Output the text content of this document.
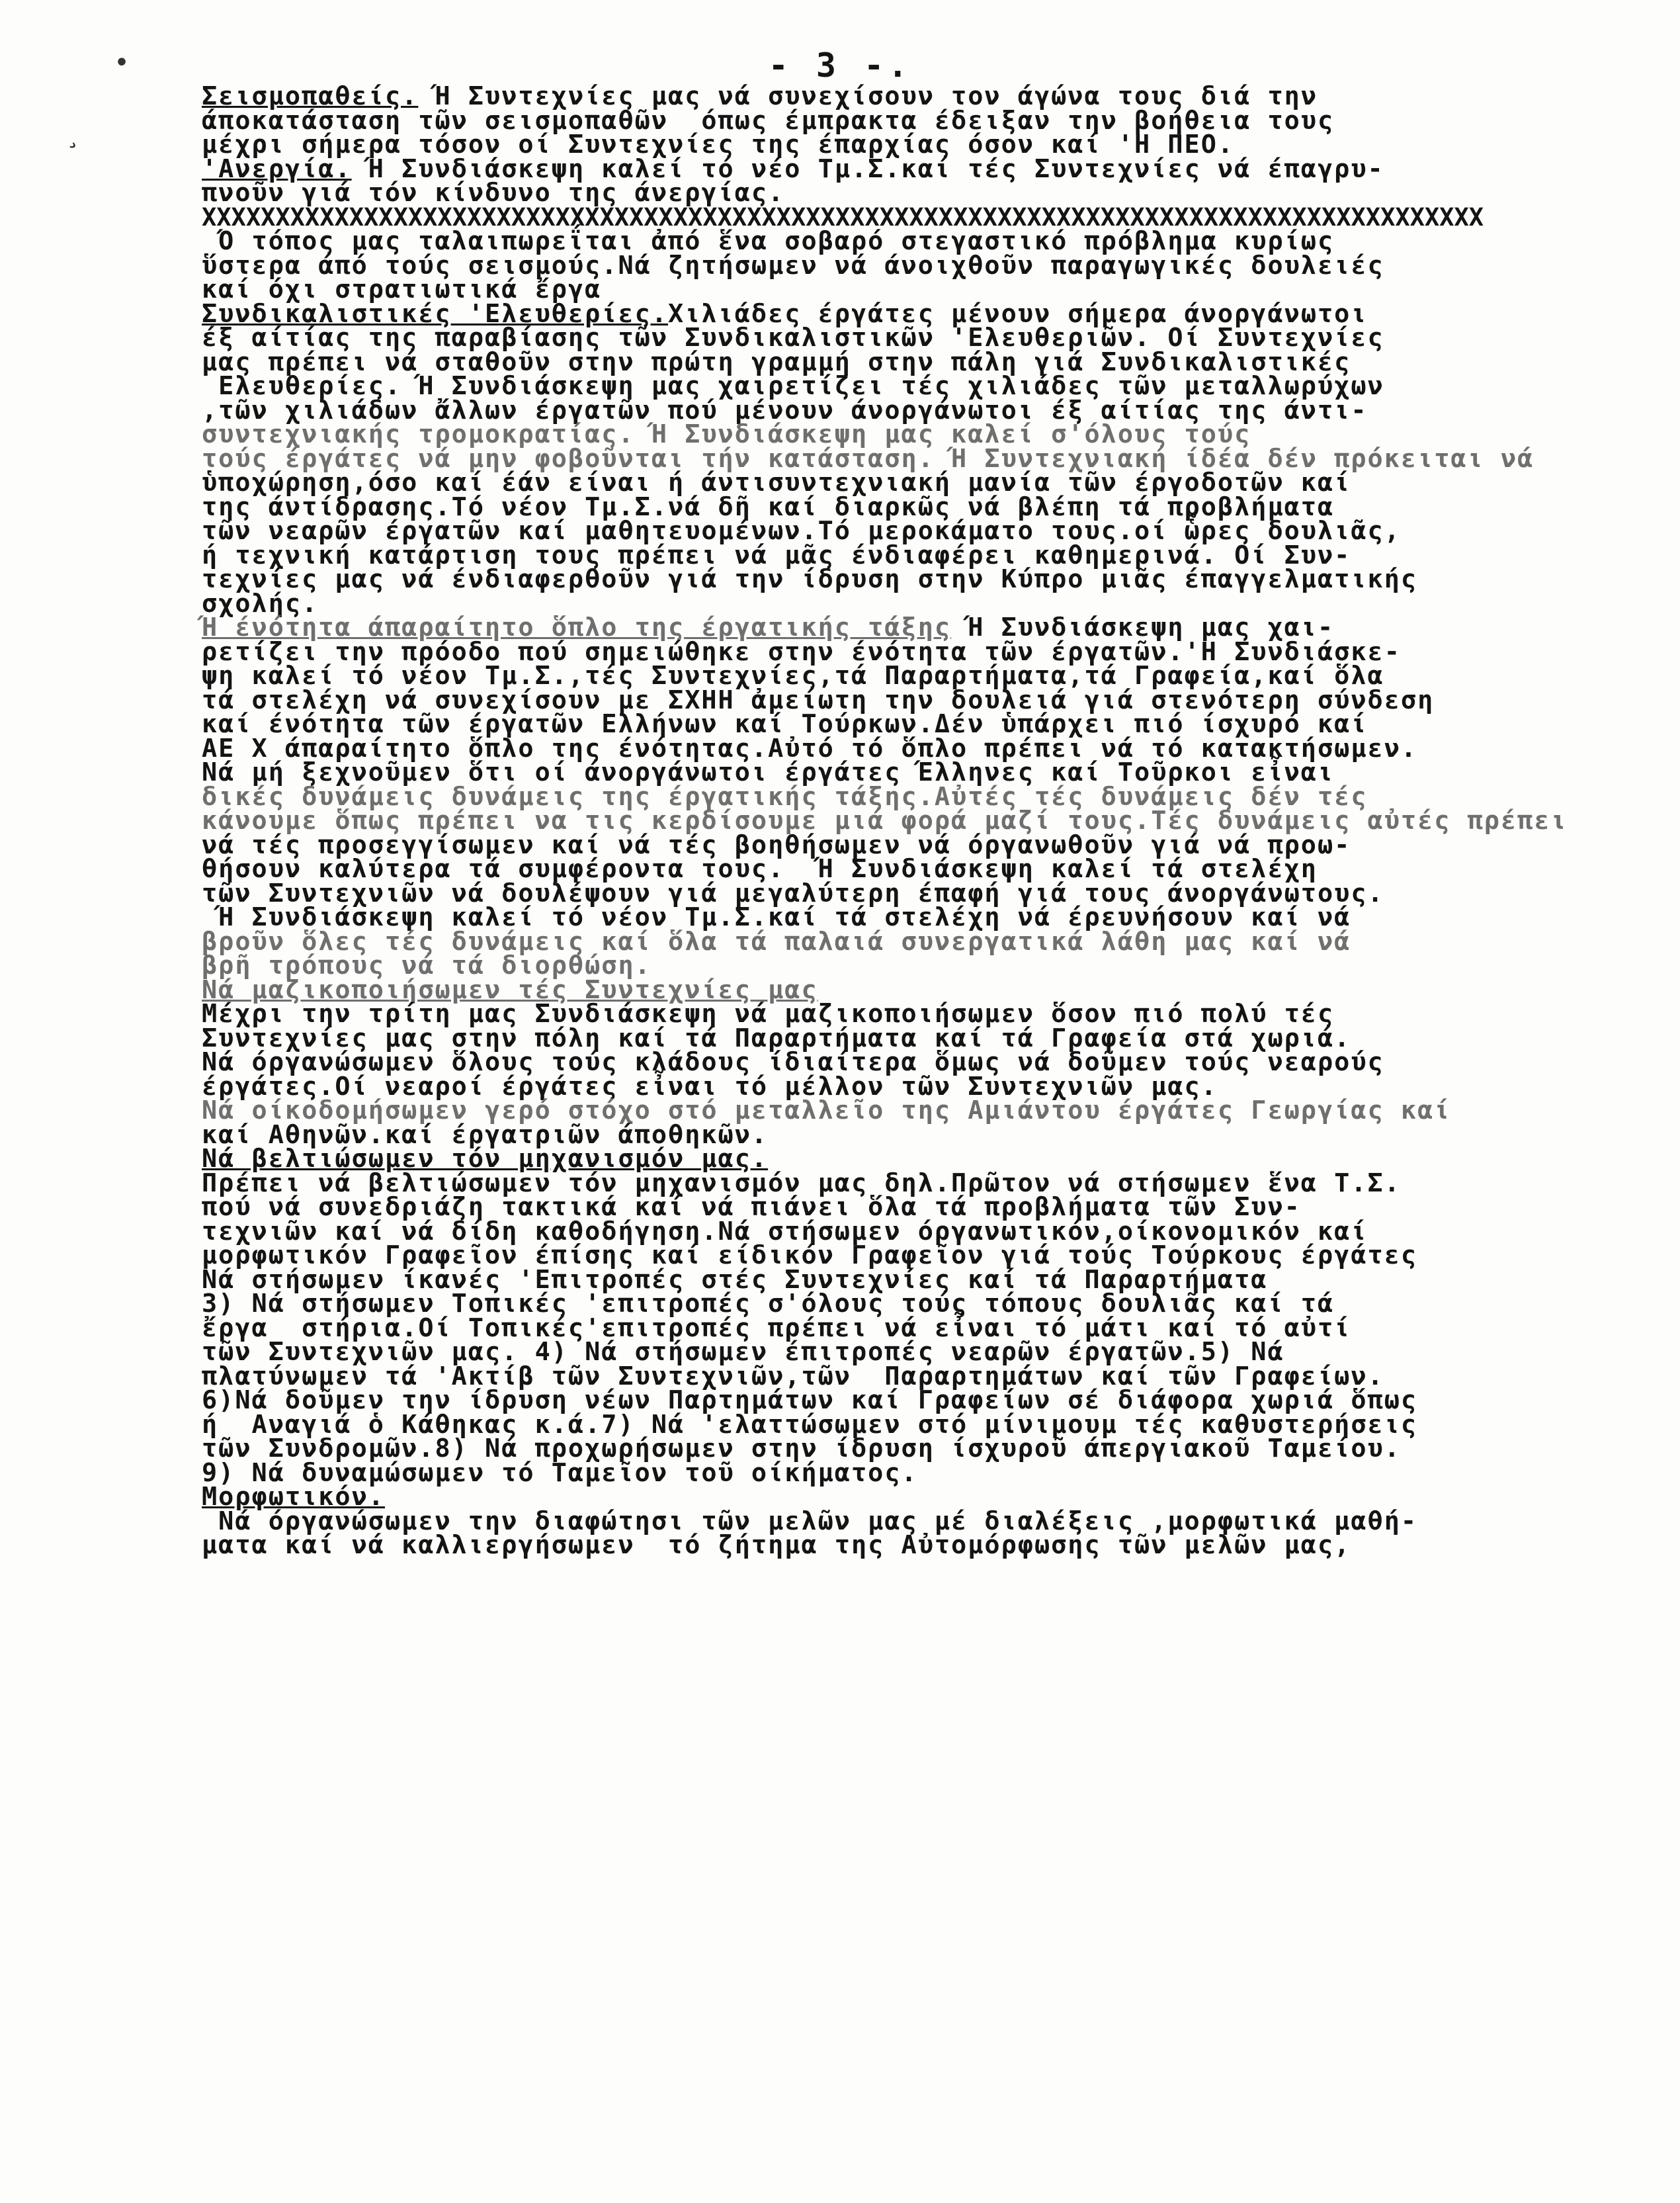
•
¸
- 3 -.
Σεισμοπαθείς. Ή Συντεχνίες μας νά συνεχίσουν τον άγώνα τους διά την
άποκατάσταση τῶν σεισμοπαθῶν  όπως έμπρακτα έδειξαν την βοήθεια τους
μέχρι σήμερα τόσον οί Συντεχνίες της έπαρχίας όσον καί 'Η ΠΕΟ.
'Ανεργία. Ή Συνδιάσκεψη καλεί τό νέο Τμ.Σ.καί τές Συντεχνίες νά έπαγρυ-
πνοῦν γιά τόν κίνδυνο της άνεργίας.
ΧΧΧΧΧΧΧΧΧΧΧΧΧΧΧΧΧΧΧΧΧΧΧΧΧΧΧΧΧΧΧΧΧΧΧΧΧΧΧΧΧΧΧΧΧΧΧΧΧΧΧΧΧΧΧΧΧΧΧΧΧΧΧΧΧΧΧΧΧΧΧΧΧΧΧΧΧΧΧΧΧΧΧΧΧΧΧ
Ό τόπος μας ταλαιπωρεΐται ἀπό ἕνα σοβαρό στεγαστικό πρόβλημα κυρίως
ὕστερα άπό τούς σεισμούς.Νά ζητήσωμεν νά άνοιχθοῦν παραγωγικές δουλειές
καί όχι στρατιωτικά ἔργα
Συνδικαλιστικές 'Ελευθερίες.Χιλιάδες έργάτες μένουν σήμερα άνοργάνωτοι
έξ αίτίας της παραβίασης τῶν Συνδικαλιστικῶν 'Ελευθεριῶν. Οί Συντεχνίες
μας πρέπει νά σταθοῦν στην πρώτη γραμμή στην πάλη γιά Συνδικαλιστικές
Ελευθερίες. Ή Συνδιάσκεψη μας χαιρετίζει τές χιλιάδες τῶν μεταλλωρύχων
,τῶν χιλιάδων ἄλλων έργατῶν πού μένουν άνοργάνωτοι έξ αίτίας της άντι-
συντεχνιακής τρομοκρατίας. Ή Συνδιάσκεψη μας καλεί σ'όλους τούς
τούς έργάτες νά μην φοβοῦνται τήν κατάσταση. Ή Συντεχνιακή ίδέα δέν πρόκειται νά
ὑποχώρηση,όσο καί έάν είναι ή άντισυντεχνιακή μανία τῶν έργοδοτῶν καί
της άντίδρασης.Τό νέον Τμ.Σ.νά δῆ καί διαρκῶς νά βλέπη τά προβλήματα
τῶν νεαρῶν έργατῶν καί μαθητευομένων.Τό μεροκάματο τους.οί ὧρες δουλιᾶς,
ή τεχνική κατάρτιση τους πρέπει νά μᾶς ένδιαφέρει καθημερινά. Οί Συν-
τεχνίες μας νά ένδιαφερθοῦν γιά την ίδρυση στην Κύπρο μιᾶς έπαγγελματικής
σχολής.
Ή ένότητα άπαραίτητο ὅπλο της έργατικής τάξης Ή Συνδιάσκεψη μας χαι-
ρετίζει την πρόοδο πού σημειώθηκε στην ένότητα τῶν έργατῶν.'Η Συνδιάσκε-
ψη καλεί τό νέον Τμ.Σ.,τές Συντεχνίες,τά Παραρτήματα,τά Γραφεία,καί ὅλα
τά στελέχη νά συνεχίσουν με ΣΧΗΗ ἀμείωτη την δουλειά γιά στενότερη σύνδεση
καί ένότητα τῶν έργατῶν Ελλήνων καί Τούρκων.Δέν ὑπάρχει πιό ίσχυρό καί
ΑΕ Χ άπαραίτητο ὅπλο της ένότητας.Αὐτό τό ὅπλο πρέπει νά τό κατακτήσωμεν.
Νά μή ξεχνοῦμεν ὅτι οί άνοργάνωτοι έργάτες Έλληνες καί Τοῦρκοι εἶναι
δικές δυνάμεις δυνάμεις της έργατικής τάξης.Αὐτές τές δυνάμεις δέν τές
κάνουμε ὅπως πρέπει να τις κερδίσουμε μιά φορά μαζί τους.Τές δυνάμεις αὐτές πρέπει
νά τές προσεγγίσωμεν καί νά τές βοηθήσωμεν νά όργανωθοῦν γιά νά προω-
θήσουν καλύτερα τά συμφέροντα τους.  Ή Συνδιάσκεψη καλεί τά στελέχη
τῶν Συντεχνιῶν νά δουλέψουν γιά μεγαλύτερη έπαφή γιά τους άνοργάνωτους.
Ή Συνδιάσκεψη καλεί τό νέον Τμ.Σ.καί τά στελέχη νά έρευνήσουν καί νά
βροῦν ὅλες τές δυνάμεις καί ὅλα τά παλαιά συνεργατικά λάθη μας καί νά
βρῆ τρόπους νά τά διορθώση.
Νά μαζικοποιήσωμεν τές Συντεχνίες μας
Μέχρι την τρίτη μας Συνδιάσκεψη νά μαζικοποιήσωμεν ὅσον πιό πολύ τές
Συντεχνίες μας στην πόλη καί τά Παραρτήματα καί τά Γραφεία στά χωριά.
Νά όργανώσωμεν ὅλους τούς κλάδους ίδιαίτερα ὅμως νά δοῦμεν τούς νεαρούς
έργάτες.Οί νεαροί έργάτες εἶναι τό μέλλον τῶν Συντεχνιῶν μας.
Νά οίκοδομήσωμεν γερό στόχο στό μεταλλεῖο της Αμιάντου έργάτες Γεωργίας καί
καί Αθηνῶν.καί έργατριῶν άποθηκῶν.
Νά βελτιώσωμεν τόν μηχανισμόν μας.
Πρέπει νά βελτιώσωμεν τόν μηχανισμόν μας δηλ.Πρῶτον νά στήσωμεν ἕνα Τ.Σ.
πού νά συνεδριάζη τακτικά καί νά πιάνει ὅλα τά προβλήματα τῶν Συν-
τεχνιῶν καί νά δίδη καθοδήγηση.Νά στήσωμεν όργανωτικόν,οίκονομικόν καί
μορφωτικόν Γραφεῖον έπίσης καί είδικόν Γραφεῖον γιά τούς Τούρκους έργάτες
Νά στήσωμεν ίκανές 'Επιτροπές στές Συντεχνίες καί τά Παραρτήματα
3) Νά στήσωμεν Τοπικές 'επιτροπές σ'όλους τούς τόπους δουλιᾶς καί τά
ἔργα  στήρια.Οί Τοπικές'επιτροπές πρέπει νά εἶναι τό μάτι καί τό αὐτί
τῶν Συντεχνιῶν μας. 4) Νά στήσωμεν έπιτροπές νεαρῶν έργατῶν.5) Νά
πλατύνωμεν τά 'Ακτίβ τῶν Συντεχνιῶν,τῶν  Παραρτημάτων καί τῶν Γραφείων.
6)Νά δοῦμεν την ίδρυση νέων Παρτημάτων καί Γραφείων σέ διάφορα χωριά ὅπως
ή  Αναγιά ὁ Κάθηκας κ.ά.7) Νά 'ελαττώσωμεν στό μίνιμουμ τές καθυστερήσεις
τῶν Συνδρομῶν.8) Νά προχωρήσωμεν στην ίδρυση ίσχυροῦ άπεργιακοῦ Ταμείου.
9) Νά δυναμώσωμεν τό Ταμεῖον τοῦ οίκήματος.
Μορφωτικόν.
Νά όργανώσωμεν την διαφώτησι τῶν μελῶν μας μέ διαλέξεις ,μορφωτικά μαθή-
ματα καί νά καλλιεργήσωμεν  τό ζήτημα της Αὐτομόρφωσης τῶν μελῶν μας,
